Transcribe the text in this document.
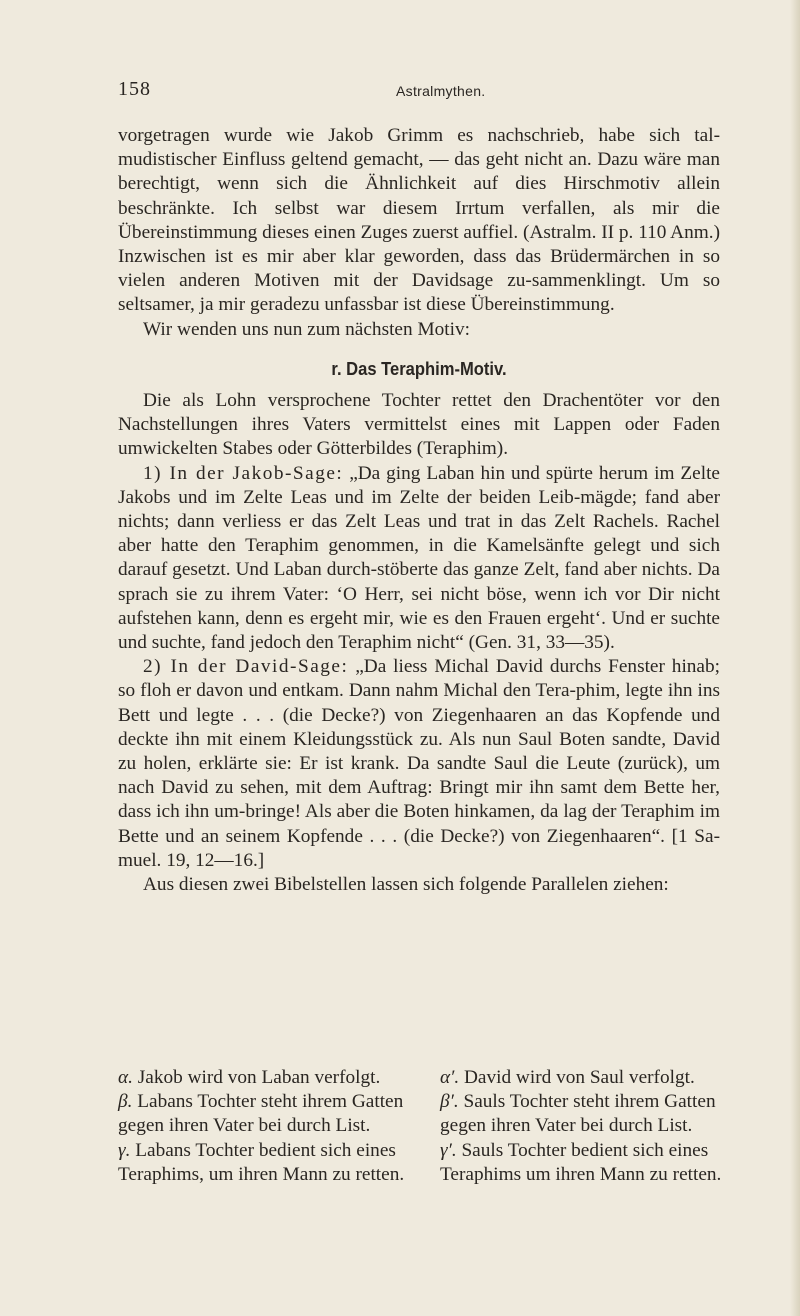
158	Astralmythen.

vorgetragen wurde wie Jakob Grimm es nachschrieb, habe sich tal-mudistischer Einfluss geltend gemacht, — das geht nicht an. Dazu wäre man berechtigt, wenn sich die Ähnlichkeit auf dies Hirschmotiv allein beschränkte. Ich selbst war diesem Irrtum verfallen, als mir die Übereinstimmung dieses einen Zuges zuerst auffiel. (Astralm. II p. 110 Anm.) Inzwischen ist es mir aber klar geworden, dass das Brüdermärchen in so vielen anderen Motiven mit der Davidsage zu-sammenklingt. Um so seltsamer, ja mir geradezu unfassbar ist diese Übereinstimmung.

Wir wenden uns nun zum nächsten Motiv:

r. Das Teraphim-Motiv.

Die als Lohn versprochene Tochter rettet den Drachentöter vor den Nachstellungen ihres Vaters vermittelst eines mit Lappen oder Faden umwickelten Stabes oder Götterbildes (Teraphim).

1) In der Jakob-Sage: „Da ging Laban hin und spürte herum im Zelte Jakobs und im Zelte Leas und im Zelte der beiden Leib-mägde; fand aber nichts; dann verliess er das Zelt Leas und trat in das Zelt Rachels. Rachel aber hatte den Teraphim genommen, in die Kamelsänfte gelegt und sich darauf gesetzt. Und Laban durch-stöberte das ganze Zelt, fand aber nichts. Da sprach sie zu ihrem Vater: ‘O Herr, sei nicht böse, wenn ich vor Dir nicht aufstehen kann, denn es ergeht mir, wie es den Frauen ergeht‘. Und er suchte und suchte, fand jedoch den Teraphim nicht“ (Gen. 31, 33—35).

2) In der David-Sage: „Da liess Michal David durchs Fenster hinab; so floh er davon und entkam. Dann nahm Michal den Tera-phim, legte ihn ins Bett und legte . . . (die Decke?) von Ziegenhaaren an das Kopfende und deckte ihn mit einem Kleidungsstück zu. Als nun Saul Boten sandte, David zu holen, erklärte sie: Er ist krank. Da sandte Saul die Leute (zurück), um nach David zu sehen, mit dem Auftrag: Bringt mir ihn samt dem Bette her, dass ich ihn um-bringe! Als aber die Boten hinkamen, da lag der Teraphim im Bette und an seinem Kopfende . . . (die Decke?) von Ziegenhaaren“. [1 Sa-muel. 19, 12—16.]

Aus diesen zwei Bibelstellen lassen sich folgende Parallelen ziehen:

α. Jakob wird von Laban verfolgt.

β. Labans Tochter steht ihrem Gatten gegen ihren Vater bei durch List.

γ. Labans Tochter bedient sich eines Teraphims, um ihren Mann zu retten.

α′. David wird von Saul verfolgt.

β′. Sauls Tochter steht ihrem Gatten gegen ihren Vater bei durch List.

γ′. Sauls Tochter bedient sich eines Teraphims um ihren Mann zu retten.
